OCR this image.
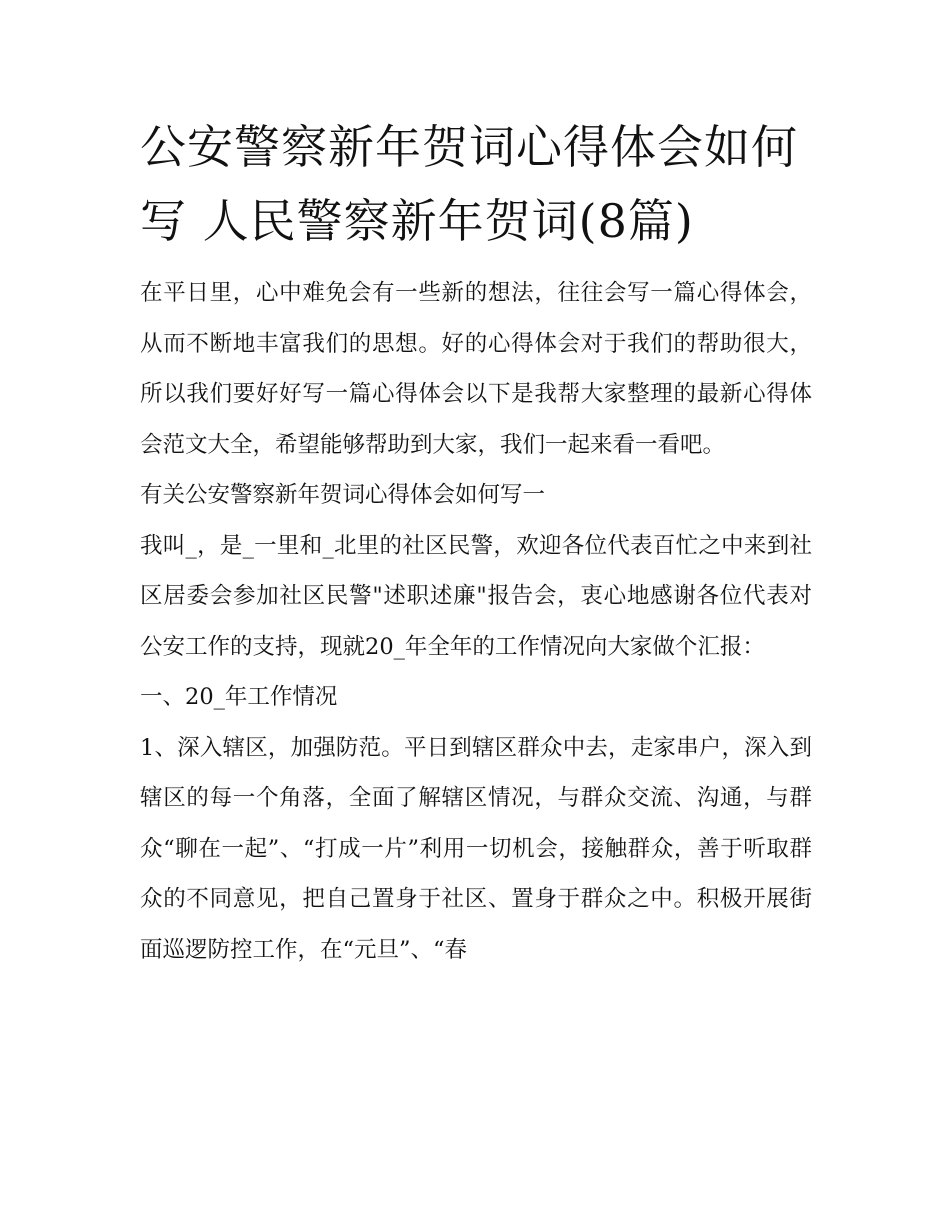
公安警察新年贺词心得体会如何写 人民警察新年贺词(8篇)

在平日里，心中难免会有一些新的想法，往往会写一篇心得体会，从而不断地丰富我们的思想。好的心得体会对于我们的帮助很大，所以我们要好好写一篇心得体会以下是我帮大家整理的最新心得体会范文大全，希望能够帮助到大家，我们一起来看一看吧。

有关公安警察新年贺词心得体会如何写一

我叫_，是_一里和_北里的社区民警，欢迎各位代表百忙之中来到社区居委会参加社区民警"述职述廉"报告会，衷心地感谢各位代表对公安工作的支持，现就20_年全年的工作情况向大家做个汇报：

一、20_年工作情况

1、深入辖区，加强防范。平日到辖区群众中去，走家串户，深入到辖区的每一个角落，全面了解辖区情况，与群众交流、沟通，与群众“聊在一起”、“打成一片”利用一切机会，接触群众，善于听取群众的不同意见，把自己置身于社区、置身于群众之中。积极开展街面巡逻防控工作，在“元旦”、“春
